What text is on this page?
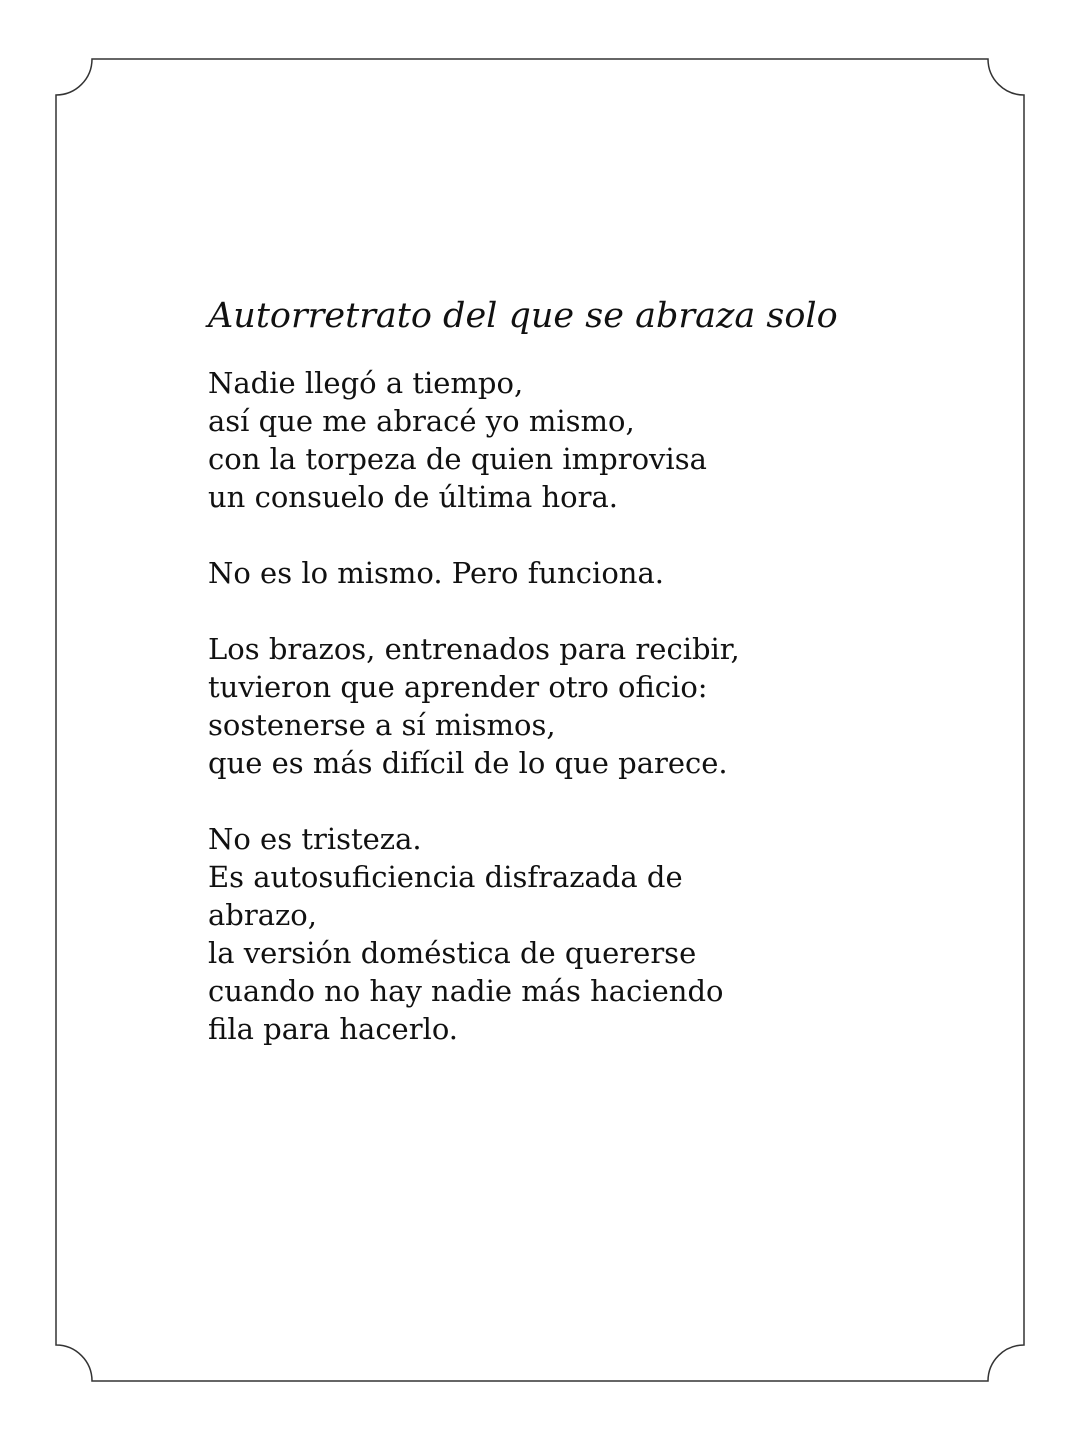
Autorretrato del que se abraza solo
Nadie llegó a tiempo,
así que me abracé yo mismo,
con la torpeza de quien improvisa
un consuelo de última hora.
No es lo mismo. Pero funciona.
Los brazos, entrenados para recibir,
tuvieron que aprender otro oficio:
sostenerse a sí mismos,
que es más difícil de lo que parece.
No es tristeza.
Es autosuficiencia disfrazada de
abrazo,
la versión doméstica de quererse
cuando no hay nadie más haciendo
fila para hacerlo.
